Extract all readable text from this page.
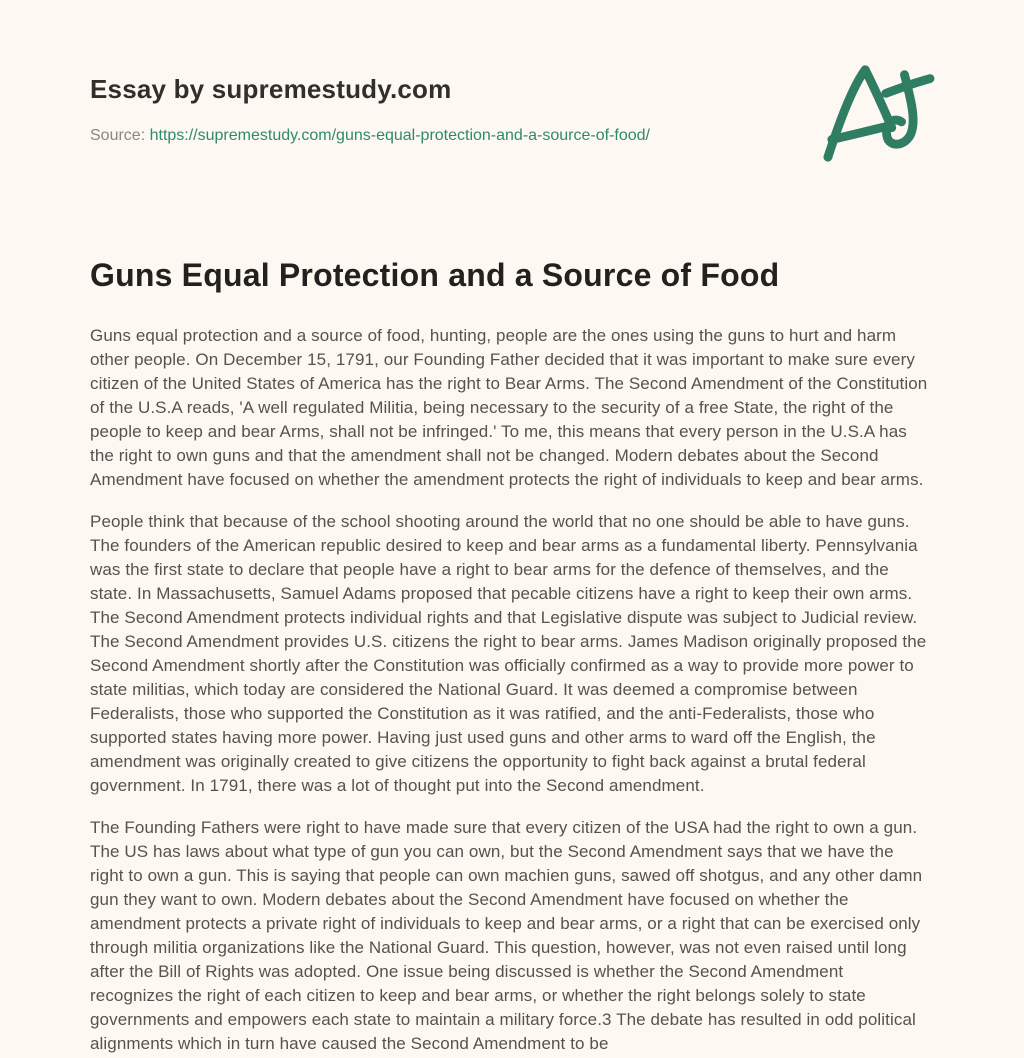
Essay by supremestudy.com
Source: https://supremestudy.com/guns-equal-protection-and-a-source-of-food/
Guns Equal Protection and a Source of Food

Guns equal protection and a source of food, hunting, people are the ones using the guns to hurt and harm other people. On December 15, 1791, our Founding Father decided that it was important to make sure every citizen of the United States of America has the right to Bear Arms. The Second Amendment of the Constitution of the U.S.A reads, 'A well regulated Militia, being necessary to the security of a free State, the right of the people to keep and bear Arms, shall not be infringed.' To me, this means that every person in the U.S.A has the right to own guns and that the amendment shall not be changed. Modern debates about the Second Amendment have focused on whether the amendment protects the right of individuals to keep and bear arms.

People think that because of the school shooting around the world that no one should be able to have guns. The founders of the American republic desired to keep and bear arms as a fundamental liberty. Pennsylvania was the first state to declare that people have a right to bear arms for the defence of themselves, and the state. In Massachusetts, Samuel Adams proposed that pecable citizens have a right to keep their own arms. The Second Amendment protects individual rights and that Legislative dispute was subject to Judicial review. The Second Amendment provides U.S. citizens the right to bear arms. James Madison originally proposed the Second Amendment shortly after the Constitution was officially confirmed as a way to provide more power to state militias, which today are considered the National Guard. It was deemed a compromise between Federalists, those who supported the Constitution as it was ratified, and the anti-Federalists, those who supported states having more power. Having just used guns and other arms to ward off the English, the amendment was originally created to give citizens the opportunity to fight back against a brutal federal government. In 1791, there was a lot of thought put into the Second amendment.

The Founding Fathers were right to have made sure that every citizen of the USA had the right to own a gun. The US has laws about what type of gun you can own, but the Second Amendment says that we have the right to own a gun. This is saying that people can own machien guns, sawed off shotgus, and any other damn gun they want to own. Modern debates about the Second Amendment have focused on whether the amendment protects a private right of individuals to keep and bear arms, or a right that can be exercised only through militia organizations like the National Guard. This question, however, was not even raised until long after the Bill of Rights was adopted. One issue being discussed is whether the Second Amendment recognizes the right of each citizen to keep and bear arms, or whether the right belongs solely to state governments and empowers each state to maintain a military force.3 The debate has resulted in odd political alignments which in turn have caused the Second Amendment to be
